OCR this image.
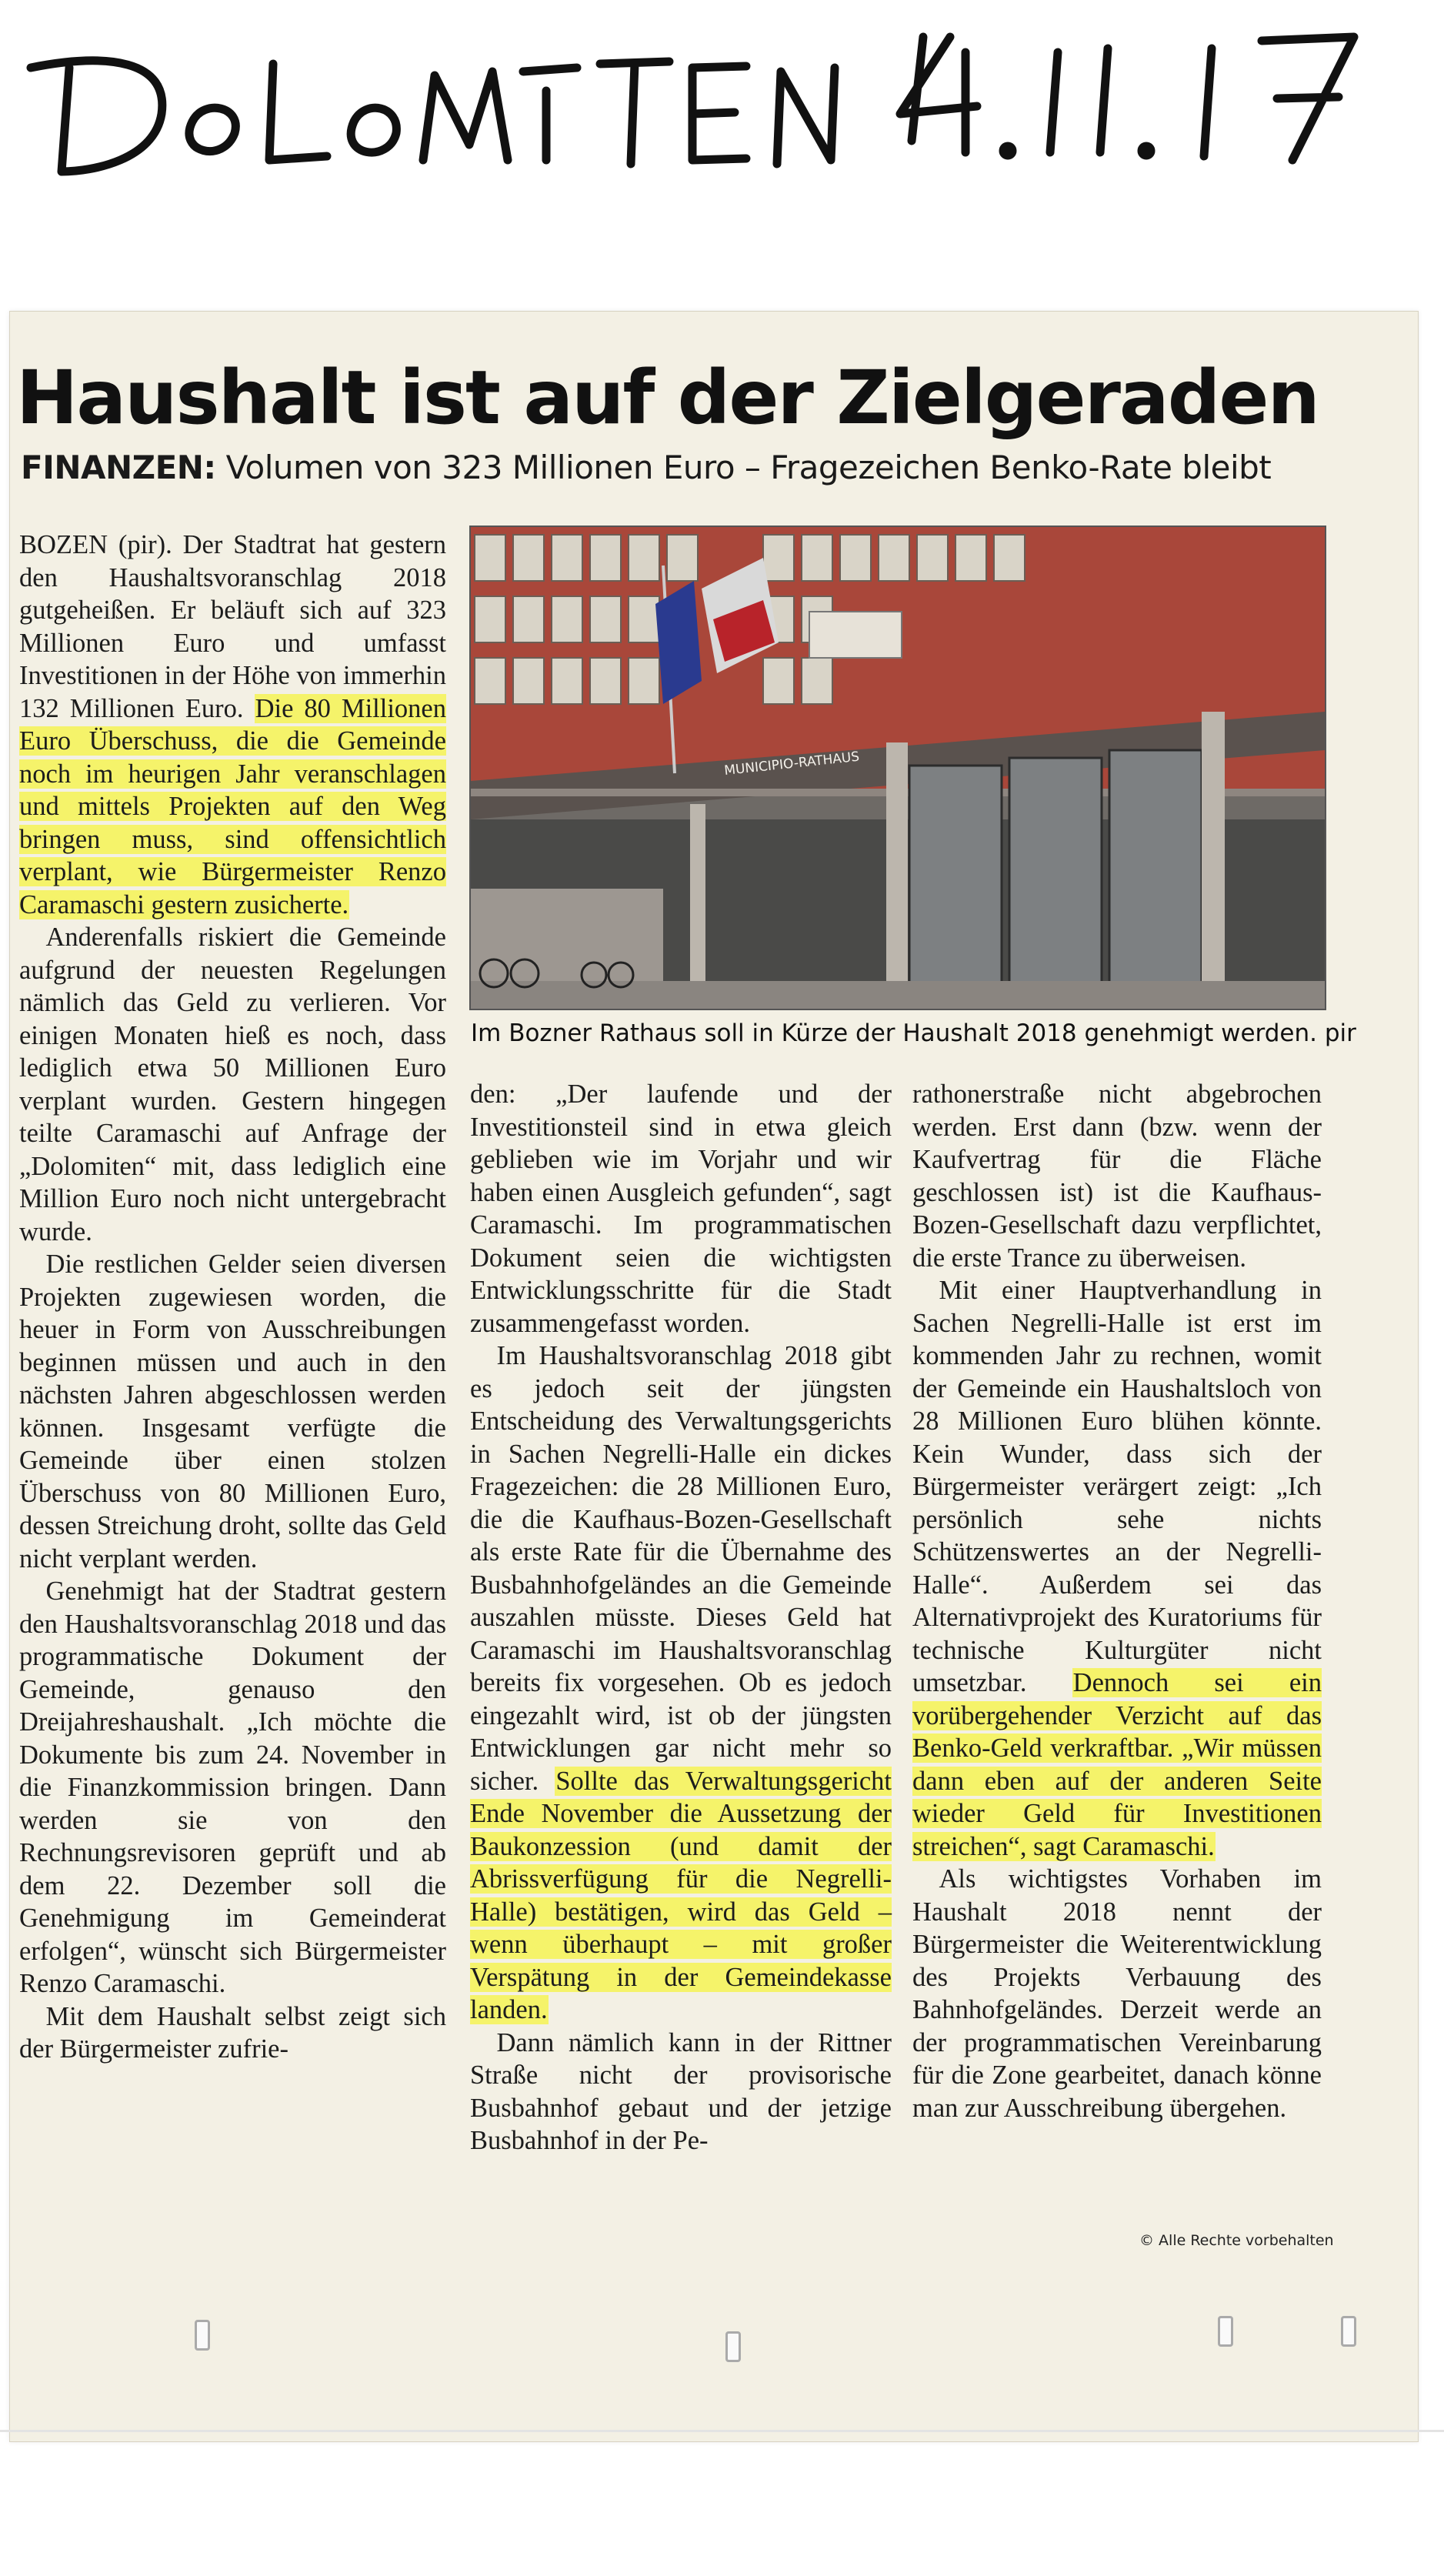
Haushalt ist auf der Zielgeraden
FINANZEN: Volumen von 323 Millionen Euro – Fragezeichen Benko-Rate bleibt
MUNICIPIO-RATHAUS
Im Bozner Rathaus soll in Kürze der Haushalt 2018 genehmigt werden. pir

BOZEN (pir). Der Stadtrat hat gestern den Haushaltsvoranschlag 2018 gutgeheißen. Er beläuft sich auf 323 Millionen Euro und umfasst Investitionen in der Höhe von immerhin 132 Millionen Euro. Die 80 Millionen Euro Überschuss, die die Gemeinde noch im heurigen Jahr veranschlagen und mittels Projekten auf den Weg bringen muss, sind offensichtlich verplant, wie Bürgermeister Renzo Caramaschi gestern zusicherte.

Anderenfalls riskiert die Gemeinde aufgrund der neuesten Regelungen nämlich das Geld zu verlieren. Vor einigen Monaten hieß es noch, dass lediglich etwa 50 Millionen Euro verplant wurden. Gestern hingegen teilte Caramaschi auf Anfrage der „Dolomiten“ mit, dass lediglich eine Million Euro noch nicht untergebracht wurde.

Die restlichen Gelder seien diversen Projekten zugewiesen worden, die heuer in Form von Ausschreibungen beginnen müssen und auch in den nächsten Jahren abgeschlossen werden können. Insgesamt verfügte die Gemeinde über einen stolzen Überschuss von 80 Millionen Euro, dessen Streichung droht, sollte das Geld nicht verplant werden.

Genehmigt hat der Stadtrat gestern den Haushaltsvoranschlag 2018 und das programmatische Dokument der Gemeinde, genauso den Dreijahreshaushalt. „Ich möchte die Dokumente bis zum 24. November in die Finanzkommission bringen. Dann werden sie von den Rechnungsrevisoren geprüft und ab dem 22. Dezember soll die Genehmigung im Gemeinderat erfolgen“, wünscht sich Bürgermeister Renzo Caramaschi.

Mit dem Haushalt selbst zeigt sich der Bürgermeister zufrie-

den: „Der laufende und der Investitionsteil sind in etwa gleich geblieben wie im Vorjahr und wir haben einen Ausgleich gefunden“, sagt Caramaschi. Im programmatischen Dokument seien die wichtigsten Entwicklungsschritte für die Stadt zusammengefasst worden.

Im Haushaltsvoranschlag 2018 gibt es jedoch seit der jüngsten Entscheidung des Verwaltungsgerichts in Sachen Negrelli-Halle ein dickes Fragezeichen: die 28 Millionen Euro, die die Kaufhaus-Bozen-Gesellschaft als erste Rate für die Übernahme des Busbahnhofgeländes an die Gemeinde auszahlen müsste. Dieses Geld hat Caramaschi im Haushaltsvoranschlag bereits fix vorgesehen. Ob es jedoch eingezahlt wird, ist ob der jüngsten Entwicklungen gar nicht mehr so sicher. Sollte das Verwaltungsgericht Ende November die Aussetzung der Baukonzession (und damit der Abrissverfügung für die Negrelli-Halle) bestätigen, wird das Geld – wenn überhaupt – mit großer Verspätung in der Gemeindekasse landen.

Dann nämlich kann in der Rittner Straße nicht der provisorische Busbahnhof gebaut und der jetzige Busbahnhof in der Pe-

rathonerstraße nicht abgebrochen werden. Erst dann (bzw. wenn der Kaufvertrag für die Fläche geschlossen ist) ist die Kaufhaus-Bozen-Gesellschaft dazu verpflichtet, die erste Trance zu überweisen.

Mit einer Hauptverhandlung in Sachen Negrelli-Halle ist erst im kommenden Jahr zu rechnen, womit der Gemeinde ein Haushaltsloch von 28 Millionen Euro blühen könnte. Kein Wunder, dass sich der Bürgermeister verärgert zeigt: „Ich persönlich sehe nichts Schützenswertes an der Negrelli-Halle“. Außerdem sei das Alternativprojekt des Kuratoriums für technische Kulturgüter nicht umsetzbar. Dennoch sei ein vorübergehender Verzicht auf das Benko-Geld verkraftbar. „Wir müssen dann eben auf der anderen Seite wieder Geld für Investitionen streichen“, sagt Caramaschi.

Als wichtigstes Vorhaben im Haushalt 2018 nennt der Bürgermeister die Weiterentwicklung des Projekts Verbauung des Bahnhofgeländes. Derzeit werde an der programmatischen Vereinbarung für die Zone gearbeitet, danach könne man zur Ausschreibung übergehen.

© Alle Rechte vorbehalten
